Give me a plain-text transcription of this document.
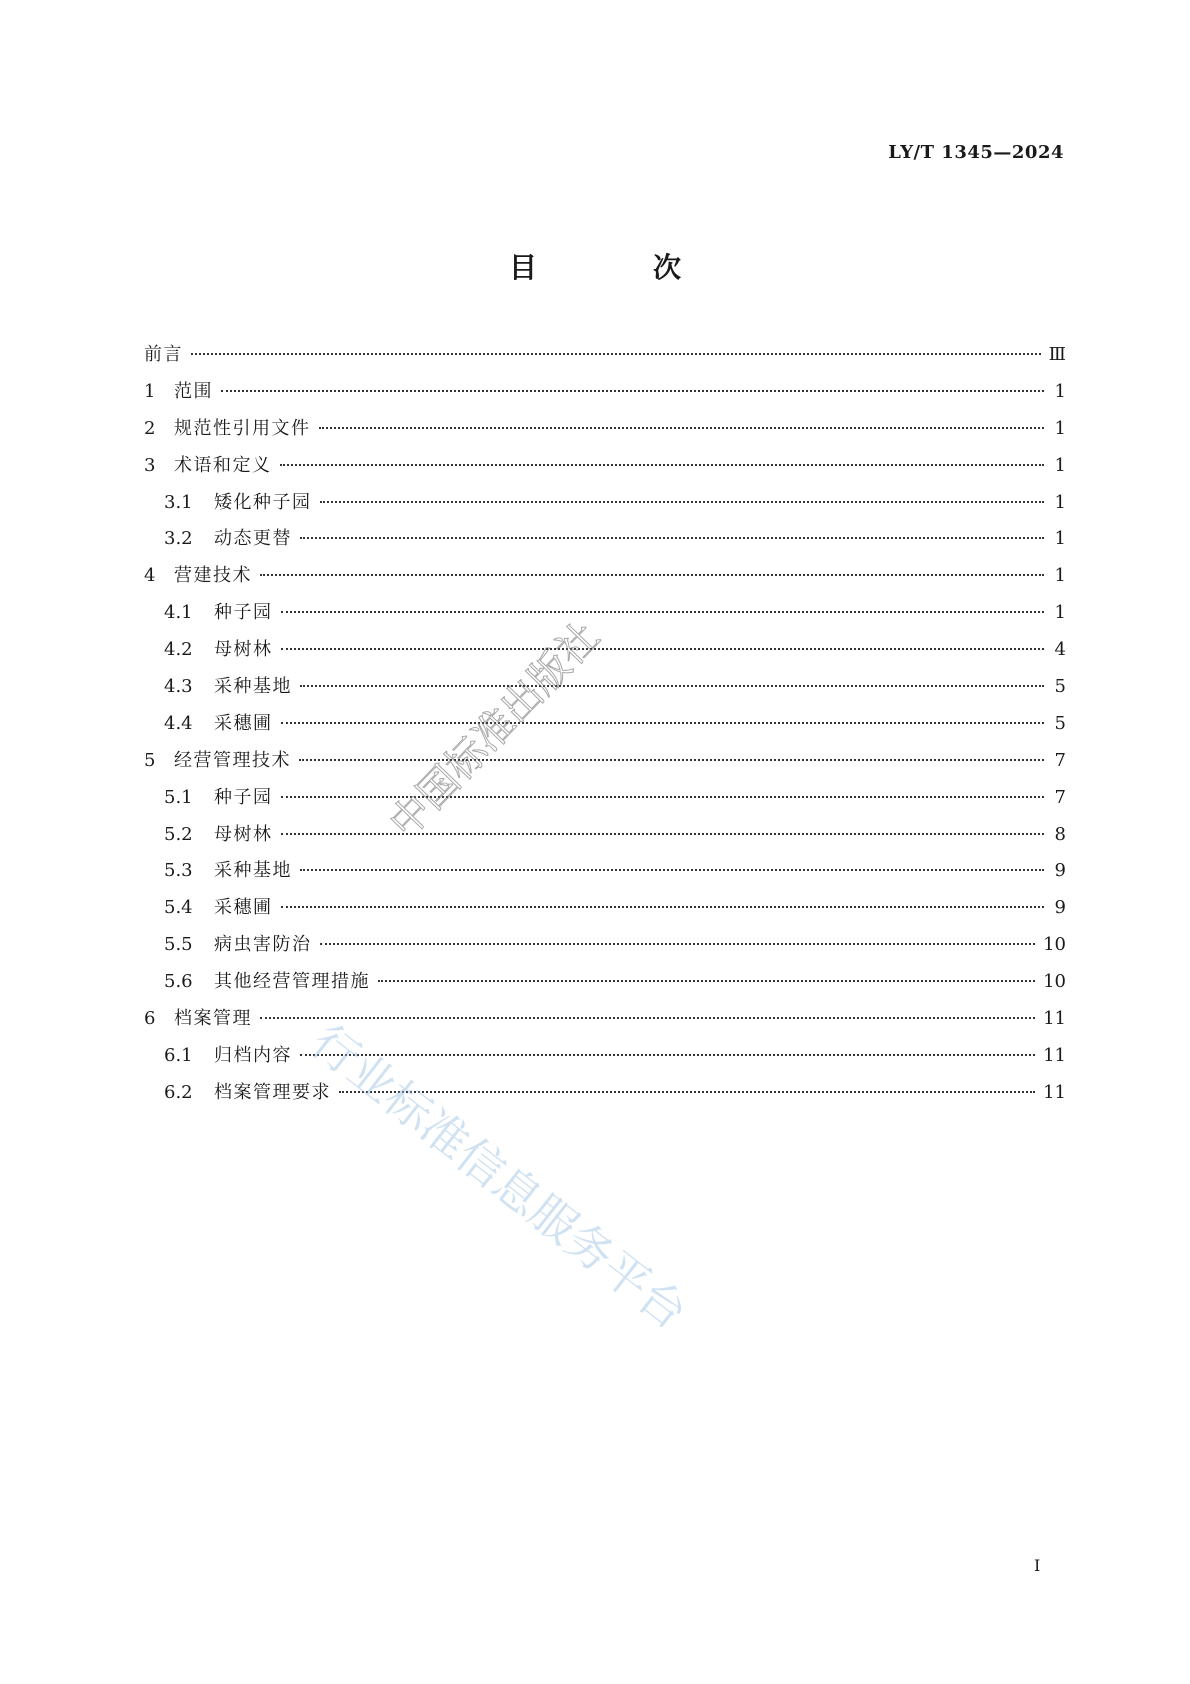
LY/T 1345—2024
目　次
前言	Ⅲ
1	范围	1
2	规范性引用文件	1
3	术语和定义	1
3.1	矮化种子园	1
3.2	动态更替	1
4	营建技术	1
4.1	种子园	1
4.2	母树林	4
4.3	采种基地	5
4.4	采穗圃	5
5	经营管理技术	7
5.1	种子园	7
5.2	母树林	8
5.3	采种基地	9
5.4	采穗圃	9
5.5	病虫害防治	10
5.6	其他经营管理措施	10
6	档案管理	11
6.1	归档内容	11
6.2	档案管理要求	11
I
中国标准出版社
行业标准信息服务平台
